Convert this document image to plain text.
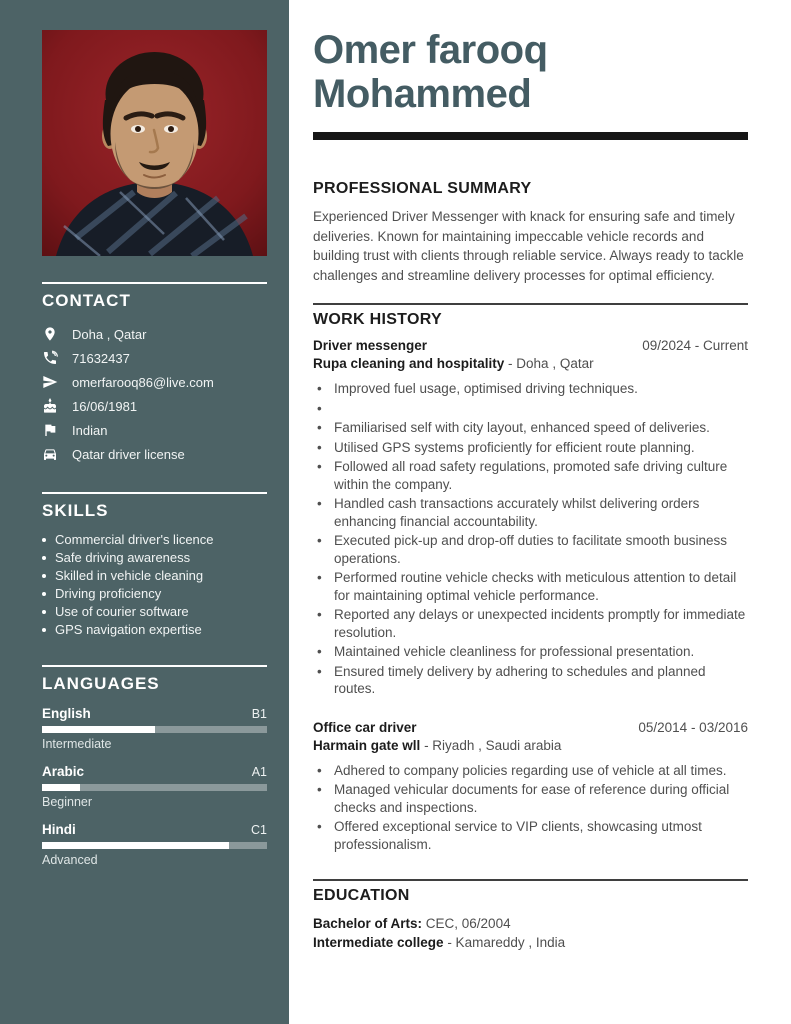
CONTACT
Doha , Qatar
71632437
omerfarooq86@live.com
16/06/1981
Indian
Qatar driver license
SKILLS
Commercial driver's licence
Safe driving awareness
Skilled in vehicle cleaning
Driving proficiency
Use of courier software
GPS navigation expertise
LANGUAGES
English	B1
Intermediate
Arabic	A1
Beginner
Hindi	C1
Advanced
Omer farooq Mohammed
PROFESSIONAL SUMMARY

Experienced Driver Messenger with knack for ensuring safe and timely deliveries. Known for maintaining impeccable vehicle records and building trust with clients through reliable service. Always ready to tackle challenges and streamline delivery processes for optimal efficiency.

WORK HISTORY
Driver messenger	09/2024 - Current
Rupa cleaning and hospitality - Doha , Qatar
• Improved fuel usage, optimised driving techniques.
•
• Familiarised self with city layout, enhanced speed of deliveries.
• Utilised GPS systems proficiently for efficient route planning.
• Followed all road safety regulations, promoted safe driving culture within the company.
• Handled cash transactions accurately whilst delivering orders enhancing financial accountability.
• Executed pick-up and drop-off duties to facilitate smooth business operations.
• Performed routine vehicle checks with meticulous attention to detail for maintaining optimal vehicle performance.
• Reported any delays or unexpected incidents promptly for immediate resolution.
• Maintained vehicle cleanliness for professional presentation.
• Ensured timely delivery by adhering to schedules and planned routes.
Office car driver	05/2014 - 03/2016
Harmain gate wll - Riyadh , Saudi arabia
• Adhered to company policies regarding use of vehicle at all times.
• Managed vehicular documents for ease of reference during official checks and inspections.
• Offered exceptional service to VIP clients, showcasing utmost professionalism.
EDUCATION
Bachelor of Arts: CEC, 06/2004
Intermediate college - Kamareddy , India
